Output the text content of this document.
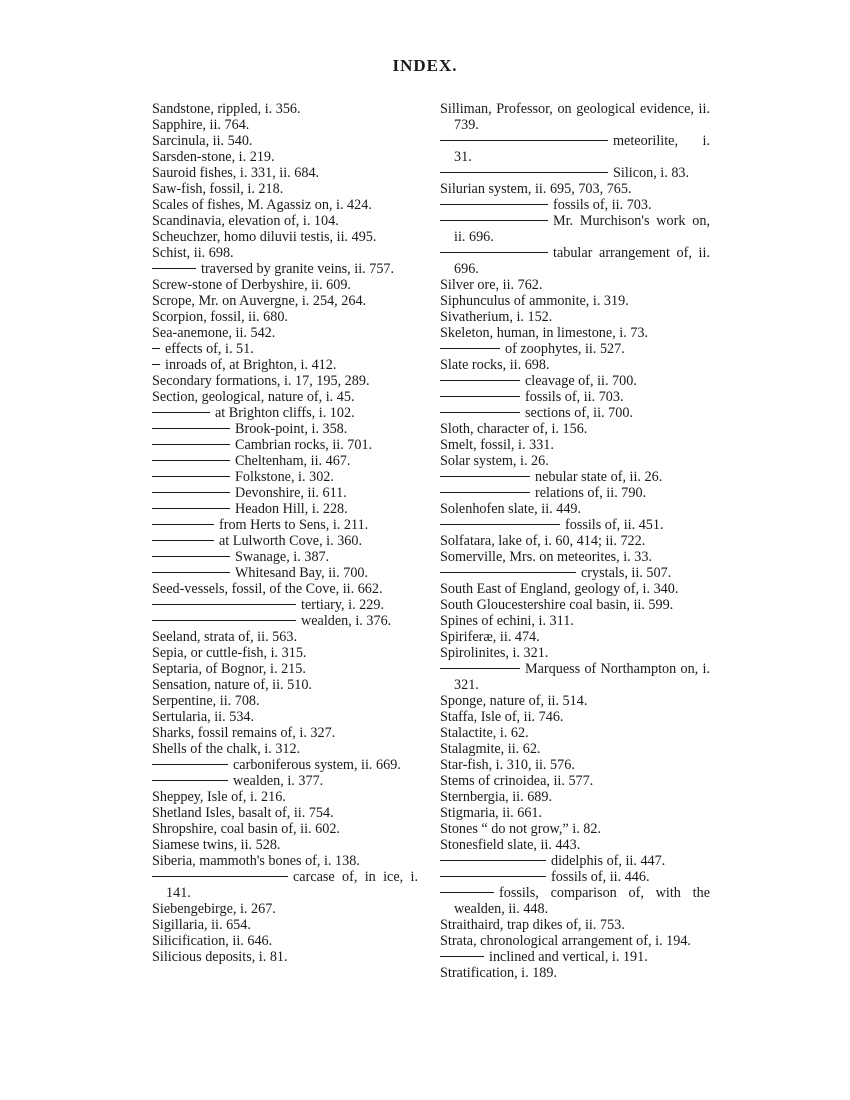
INDEX.
Sandstone, rippled, i. 356.
Sapphire, ii. 764.
Sarcinula, ii. 540.
Sarsden-stone, i. 219.
Sauroid fishes, i. 331, ii. 684.
Saw-fish, fossil, i. 218.
Scales of fishes, M. Agassiz on, i. 424.
Scandinavia, elevation of, i. 104.
Scheuchzer, homo diluvii testis, ii. 495.
Schist, ii. 698.
traversed by granite veins, ii. 757.
Screw-stone of Derbyshire, ii. 609.
Scrope, Mr. on Auvergne, i. 254, 264.
Scorpion, fossil, ii. 680.
Sea-anemone, ii. 542.
effects of, i. 51.
inroads of, at Brighton, i. 412.
Secondary formations, i. 17, 195, 289.
Section, geological, nature of, i. 45.
at Brighton cliffs, i. 102.
Brook-point, i. 358.
Cambrian rocks, ii. 701.
Cheltenham, ii. 467.
Folkstone, i. 302.
Devonshire, ii. 611.
Headon Hill, i. 228.
from Herts to Sens, i. 211.
at Lulworth Cove, i. 360.
Swanage, i. 387.
Whitesand Bay, ii. 700.
Seed-vessels, fossil, of the Cove, ii. 662.
tertiary, i. 229.
wealden, i. 376.
Seeland, strata of, ii. 563.
Sepia, or cuttle-fish, i. 315.
Septaria, of Bognor, i. 215.
Sensation, nature of, ii. 510.
Serpentine, ii. 708.
Sertularia, ii. 534.
Sharks, fossil remains of, i. 327.
Shells of the chalk, i. 312.
carboniferous system, ii. 669.
wealden, i. 377.
Sheppey, Isle of, i. 216.
Shetland Isles, basalt of, ii. 754.
Shropshire, coal basin of, ii. 602.
Siamese twins, ii. 528.
Siberia, mammoth's bones of, i. 138.
carcase of, in ice, i. 141.
Siebengebirge, i. 267.
Sigillaria, ii. 654.
Silicification, ii. 646.
Silicious deposits, i. 81.
Silliman, Professor, on geological evidence, ii. 739.
meteorilite, i. 31.
Silicon, i. 83.
Silurian system, ii. 695, 703, 765.
fossils of, ii. 703.
Mr. Murchison's work on, ii. 696.
tabular arrangement of, ii. 696.
Silver ore, ii. 762.
Siphunculus of ammonite, i. 319.
Sivatherium, i. 152.
Skeleton, human, in limestone, i. 73.
of zoophytes, ii. 527.
Slate rocks, ii. 698.
cleavage of, ii. 700.
fossils of, ii. 703.
sections of, ii. 700.
Sloth, character of, i. 156.
Smelt, fossil, i. 331.
Solar system, i. 26.
nebular state of, ii. 26.
relations of, ii. 790.
Solenhofen slate, ii. 449.
fossils of, ii. 451.
Solfatara, lake of, i. 60, 414; ii. 722.
Somerville, Mrs. on meteorites, i. 33.
crystals, ii. 507.
South East of England, geology of, i. 340.
South Gloucestershire coal basin, ii. 599.
Spines of echini, i. 311.
Spiriferæ, ii. 474.
Spirolinites, i. 321.
Marquess of Northampton on, i. 321.
Sponge, nature of, ii. 514.
Staffa, Isle of, ii. 746.
Stalactite, i. 62.
Stalagmite, ii. 62.
Star-fish, i. 310, ii. 576.
Stems of crinoidea, ii. 577.
Sternbergia, ii. 689.
Stigmaria, ii. 661.
Stones “ do not grow,” i. 82.
Stonesfield slate, ii. 443.
didelphis of, ii. 447.
fossils of, ii. 446.
fossils, comparison of, with the wealden, ii. 448.
Straithaird, trap dikes of, ii. 753.
Strata, chronological arrangement of, i. 194.
inclined and vertical, i. 191.
Stratification, i. 189.
